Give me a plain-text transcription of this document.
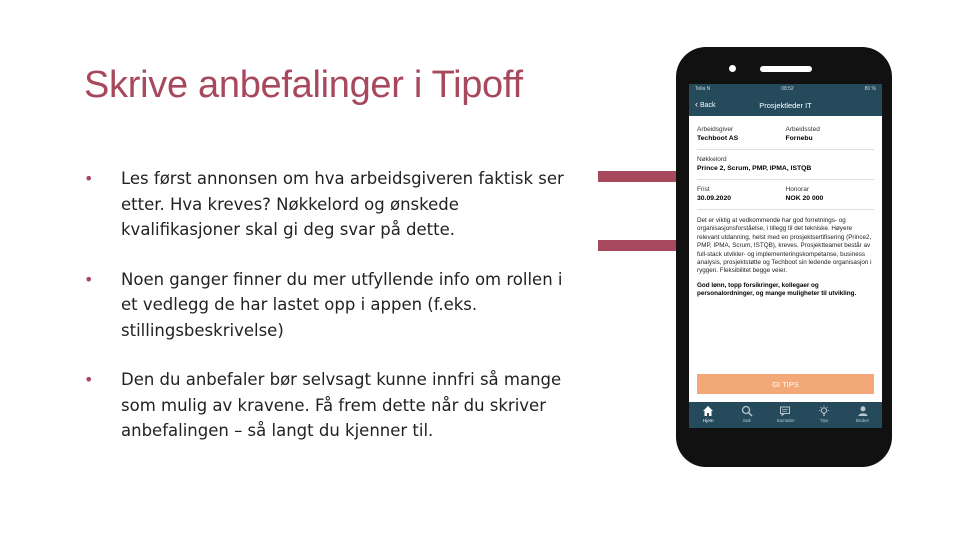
Skrive anbefalinger i Tipoff
• Les først annonsen om hva arbeidsgiveren faktisk ser etter. Hva kreves? Nøkkelord og ønskede kvalifikasjoner skal gi deg svar på dette.
• Noen ganger finner du mer utfyllende info om rollen i et vedlegg de har lastet opp i appen (f.eks. stillingsbeskrivelse)
• Den du anbefaler bør selvsagt kunne innfri så mange som mulig av kravene. Få frem dette når du skriver anbefalingen – så langt du kjenner til.
Telia N	08:52	80 %
‹ Back	Prosjektleder IT
Arbeidsgiver
Techboot AS
Arbeidssted
Fornebu
Nøkkelord
Prince 2, Scrum, PMP, IPMA, ISTQB
Frist
30.09.2020
Honorar
NOK 20 000
Det er viktig at vedkommende har god forretnings- og organisasjonsforståelse, i tillegg til det tekniske. Høyere relevant utdanning, helst med en prosjektsertifisering (Prince2, PMP, IPMA, Scrum, ISTQB), kreves. Prosjektteamet består av full-stack utvikler- og implementeringskompetanse, business analysis, prosjektstøtte og Techboot sin ledende organisasjon i ryggen. Fleksibilitet begge veier.
God lønn, topp forsikringer, kollegaer og personalordninger, og mange muligheter til utvikling.
GI TIPS
Hjem	Søk	Samtaler	Tips	Bruker
